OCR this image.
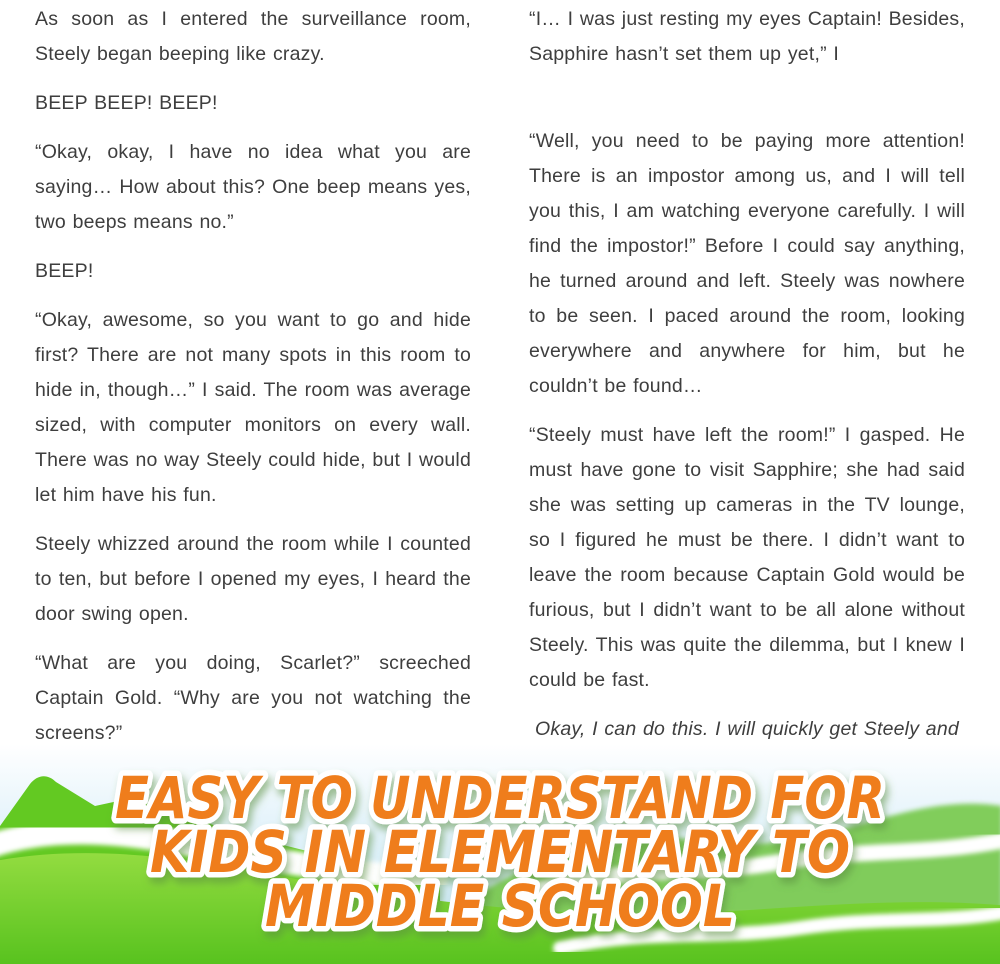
As soon as I entered the surveillance room, Steely began beeping like crazy.

BEEP BEEP! BEEP!

“Okay, okay, I have no idea what you are saying… How about this? One beep means yes, two beeps means no.”

BEEP!

“Okay, awesome, so you want to go and hide first? There are not many spots in this room to hide in, though…” I said. The room was average sized, with computer monitors on every wall. There was no way Steely could hide, but I would let him have his fun.

Steely whizzed around the room while I counted to ten, but before I opened my eyes, I heard the door swing open.

“What are you doing, Scarlet?” screeched Captain Gold. “Why are you not watching the screens?”

“I… I was just resting my eyes Captain! Besides, Sapphire hasn’t set them up yet,” I

“Well, you need to be paying more attention! There is an impostor among us, and I will tell you this, I am watching everyone carefully. I will find the impostor!” Before I could say anything, he turned around and left. Steely was nowhere to be seen. I paced around the room, looking everywhere and anywhere for him, but he couldn’t be found…

“Steely must have left the room!” I gasped. He must have gone to visit Sapphire; she had said she was setting up cameras in the TV lounge, so I figured he must be there. I didn’t want to leave the room because Captain Gold would be furious, but I didn’t want to be all alone without Steely. This was quite the dilemma, but I knew I could be fast.

Okay, I can do this. I will quickly get Steely and

EASY TO UNDERSTAND FOR
KIDS IN ELEMENTARY TO
MIDDLE SCHOOL
